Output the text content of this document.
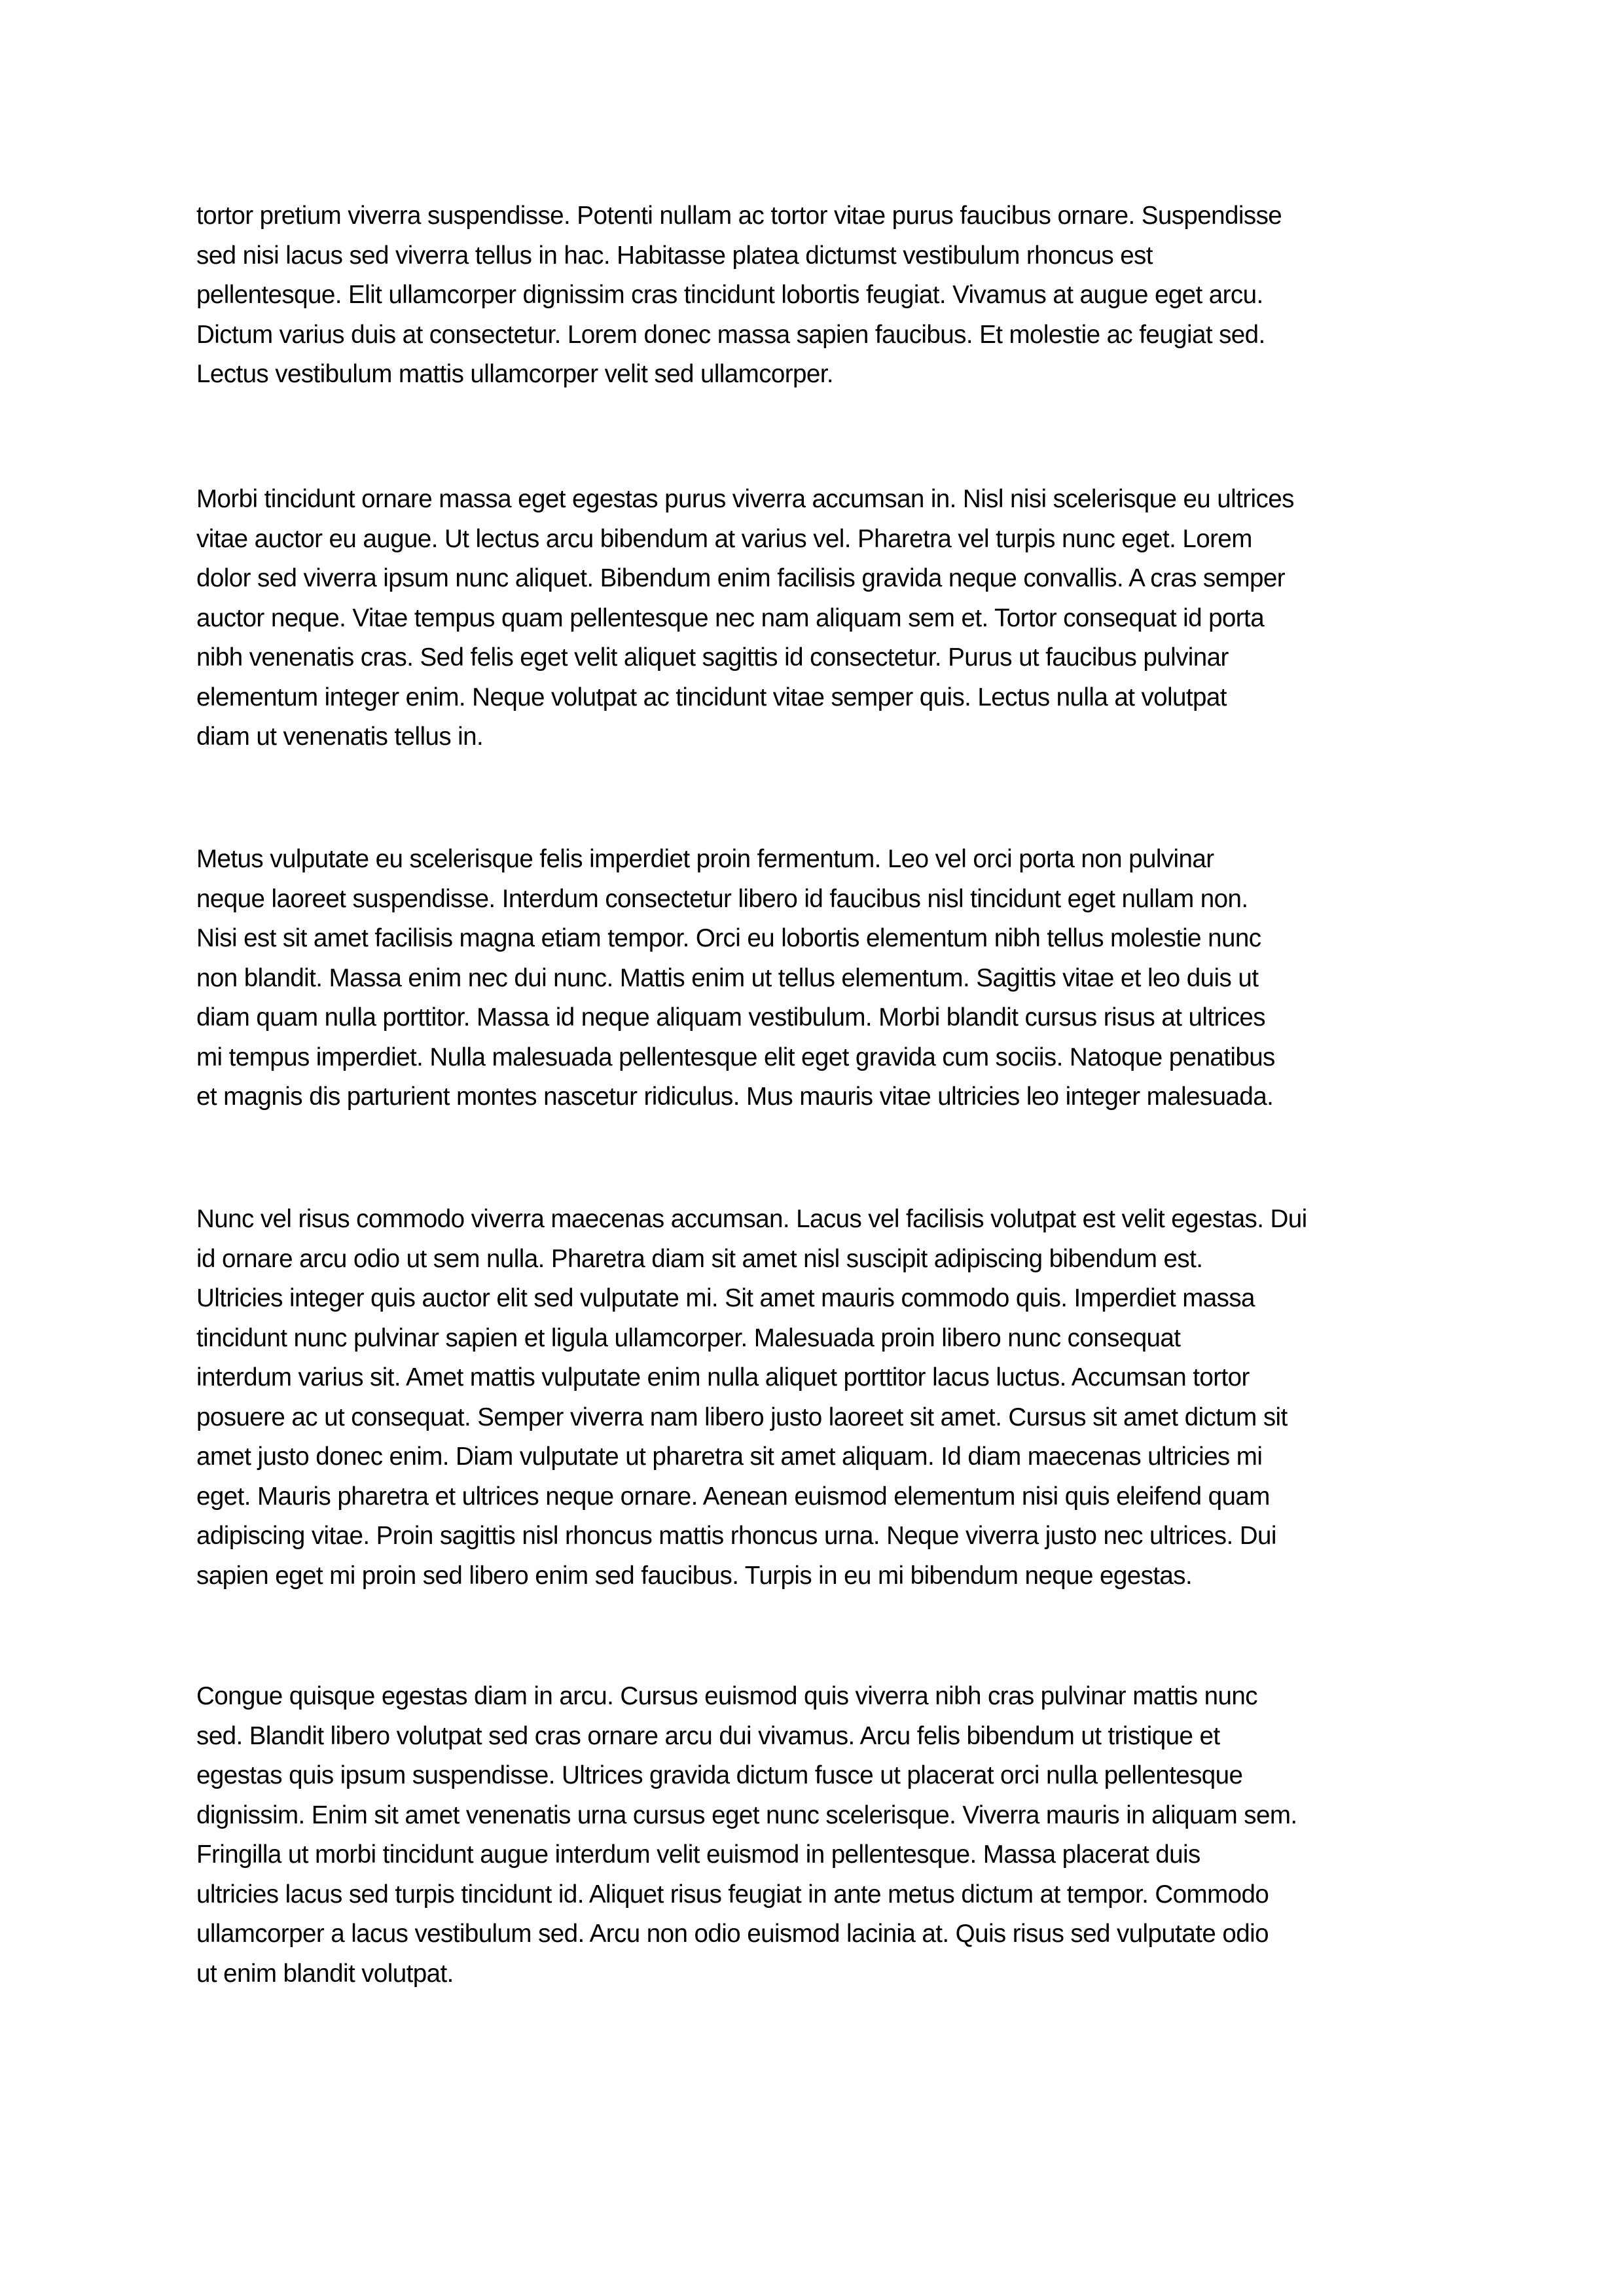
tortor pretium viverra suspendisse. Potenti nullam ac tortor vitae purus faucibus ornare. Suspendisse
sed nisi lacus sed viverra tellus in hac. Habitasse platea dictumst vestibulum rhoncus est
pellentesque. Elit ullamcorper dignissim cras tincidunt lobortis feugiat. Vivamus at augue eget arcu.
Dictum varius duis at consectetur. Lorem donec massa sapien faucibus. Et molestie ac feugiat sed.
Lectus vestibulum mattis ullamcorper velit sed ullamcorper.
Morbi tincidunt ornare massa eget egestas purus viverra accumsan in. Nisl nisi scelerisque eu ultrices
vitae auctor eu augue. Ut lectus arcu bibendum at varius vel. Pharetra vel turpis nunc eget. Lorem
dolor sed viverra ipsum nunc aliquet. Bibendum enim facilisis gravida neque convallis. A cras semper
auctor neque. Vitae tempus quam pellentesque nec nam aliquam sem et. Tortor consequat id porta
nibh venenatis cras. Sed felis eget velit aliquet sagittis id consectetur. Purus ut faucibus pulvinar
elementum integer enim. Neque volutpat ac tincidunt vitae semper quis. Lectus nulla at volutpat
diam ut venenatis tellus in.
Metus vulputate eu scelerisque felis imperdiet proin fermentum. Leo vel orci porta non pulvinar
neque laoreet suspendisse. Interdum consectetur libero id faucibus nisl tincidunt eget nullam non.
Nisi est sit amet facilisis magna etiam tempor. Orci eu lobortis elementum nibh tellus molestie nunc
non blandit. Massa enim nec dui nunc. Mattis enim ut tellus elementum. Sagittis vitae et leo duis ut
diam quam nulla porttitor. Massa id neque aliquam vestibulum. Morbi blandit cursus risus at ultrices
mi tempus imperdiet. Nulla malesuada pellentesque elit eget gravida cum sociis. Natoque penatibus
et magnis dis parturient montes nascetur ridiculus. Mus mauris vitae ultricies leo integer malesuada.
Nunc vel risus commodo viverra maecenas accumsan. Lacus vel facilisis volutpat est velit egestas. Dui
id ornare arcu odio ut sem nulla. Pharetra diam sit amet nisl suscipit adipiscing bibendum est.
Ultricies integer quis auctor elit sed vulputate mi. Sit amet mauris commodo quis. Imperdiet massa
tincidunt nunc pulvinar sapien et ligula ullamcorper. Malesuada proin libero nunc consequat
interdum varius sit. Amet mattis vulputate enim nulla aliquet porttitor lacus luctus. Accumsan tortor
posuere ac ut consequat. Semper viverra nam libero justo laoreet sit amet. Cursus sit amet dictum sit
amet justo donec enim. Diam vulputate ut pharetra sit amet aliquam. Id diam maecenas ultricies mi
eget. Mauris pharetra et ultrices neque ornare. Aenean euismod elementum nisi quis eleifend quam
adipiscing vitae. Proin sagittis nisl rhoncus mattis rhoncus urna. Neque viverra justo nec ultrices. Dui
sapien eget mi proin sed libero enim sed faucibus. Turpis in eu mi bibendum neque egestas.
Congue quisque egestas diam in arcu. Cursus euismod quis viverra nibh cras pulvinar mattis nunc
sed. Blandit libero volutpat sed cras ornare arcu dui vivamus. Arcu felis bibendum ut tristique et
egestas quis ipsum suspendisse. Ultrices gravida dictum fusce ut placerat orci nulla pellentesque
dignissim. Enim sit amet venenatis urna cursus eget nunc scelerisque. Viverra mauris in aliquam sem.
Fringilla ut morbi tincidunt augue interdum velit euismod in pellentesque. Massa placerat duis
ultricies lacus sed turpis tincidunt id. Aliquet risus feugiat in ante metus dictum at tempor. Commodo
ullamcorper a lacus vestibulum sed. Arcu non odio euismod lacinia at. Quis risus sed vulputate odio
ut enim blandit volutpat.
